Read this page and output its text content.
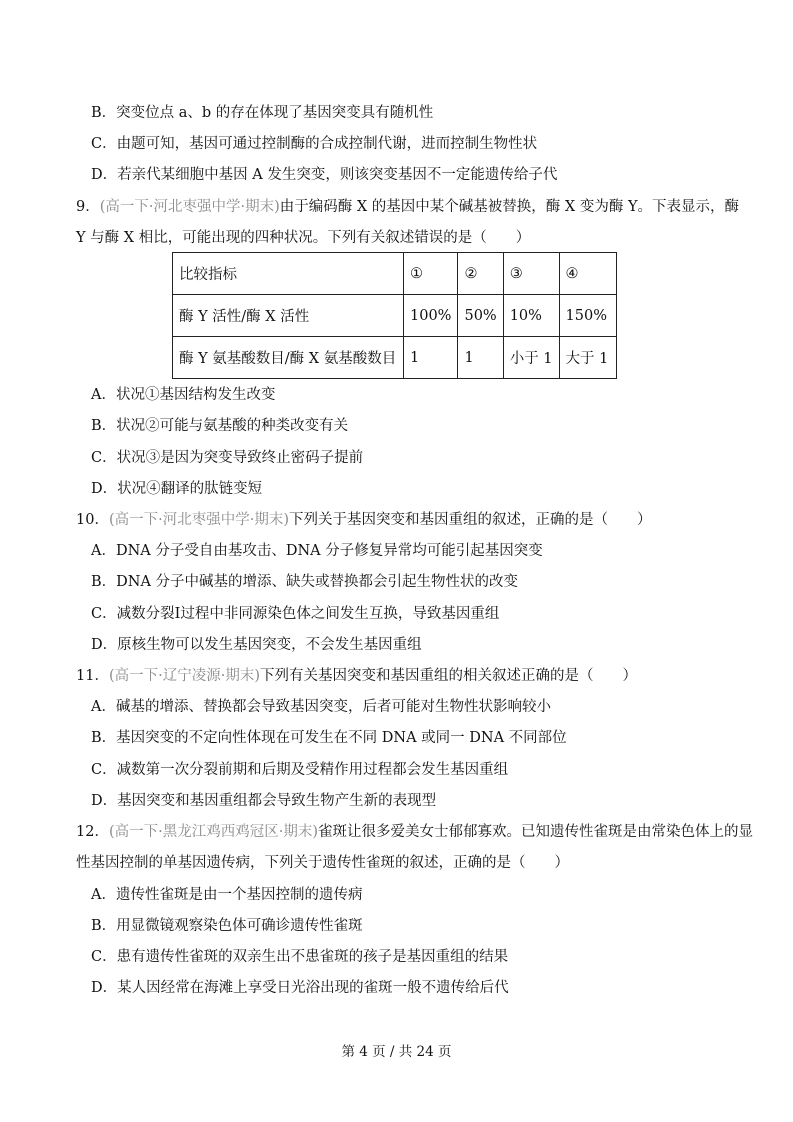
B．突变位点 a、b 的存在体现了基因突变具有随机性
C．由题可知，基因可通过控制酶的合成控制代谢，进而控制生物性状
D．若亲代某细胞中基因 A 发生突变，则该突变基因不一定能遗传给子代
9．(高一下·河北枣强中学·期末)由于编码酶 X 的基因中某个碱基被替换，酶 X 变为酶 Y。下表显示，酶
Y 与酶 X 相比，可能出现的四种状况。下列有关叙述错误的是（　　）
比较指标	①	②	③	④
酶 Y 活性/酶 X 活性	100%	50%	10%	150%
酶 Y 氨基酸数目/酶 X 氨基酸数目	1	1	小于 1	大于 1
A．状况①基因结构发生改变
B．状况②可能与氨基酸的种类改变有关
C．状况③是因为突变导致终止密码子提前
D．状况④翻译的肽链变短
10．(高一下·河北枣强中学·期末)下列关于基因突变和基因重组的叙述，正确的是（　　）
A．DNA 分子受自由基攻击、DNA 分子修复异常均可能引起基因突变
B．DNA 分子中碱基的增添、缺失或替换都会引起生物性状的改变
C．减数分裂Ⅰ过程中非同源染色体之间发生互换，导致基因重组
D．原核生物可以发生基因突变，不会发生基因重组
11．(高一下·辽宁凌源·期末)下列有关基因突变和基因重组的相关叙述正确的是（　　）
A．碱基的增添、替换都会导致基因突变，后者可能对生物性状影响较小
B．基因突变的不定向性体现在可发生在不同 DNA 或同一 DNA 不同部位
C．减数第一次分裂前期和后期及受精作用过程都会发生基因重组
D．基因突变和基因重组都会导致生物产生新的表现型
12．(高一下·黑龙江鸡西鸡冠区·期末)雀斑让很多爱美女士郁郁寡欢。已知遗传性雀斑是由常染色体上的显
性基因控制的单基因遗传病，下列关于遗传性雀斑的叙述，正确的是（　　）
A．遗传性雀斑是由一个基因控制的遗传病
B．用显微镜观察染色体可确诊遗传性雀斑
C．患有遗传性雀斑的双亲生出不患雀斑的孩子是基因重组的结果
D．某人因经常在海滩上享受日光浴出现的雀斑一般不遗传给后代
第 4 页 / 共 24 页
